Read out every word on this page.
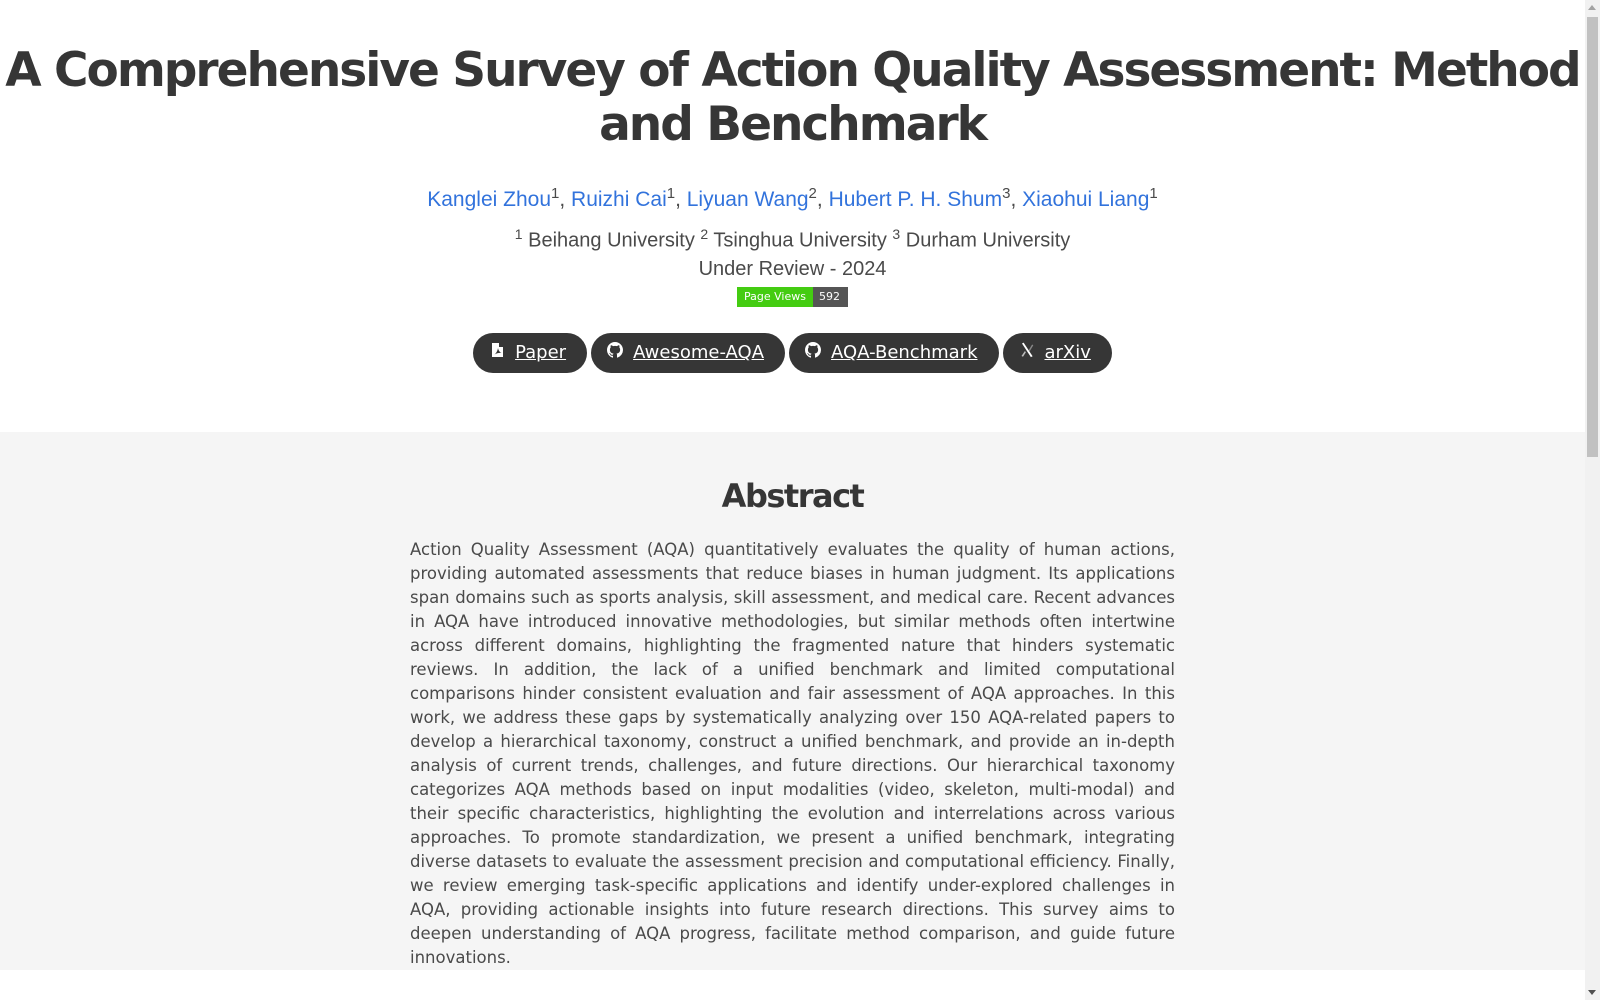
A Comprehensive Survey of Action Quality Assessment: Method and Benchmark
Kanglei Zhou$^1$, Ruizhi Cai$^1$, Liyuan Wang$^2$, Hubert P. H. Shum$^3$, Xiaohui Liang$^1$
$^1$ Beihang University $^2$ Tsinghua University $^3$ Durham University
Under Review - 2024
Page Views	592
Paper	Awesome-AQA	AQA-Benchmark	arXiv
Abstract

Action Quality Assessment (AQA) quantitatively evaluates the quality of human actions, providing automated assessments that reduce biases in human judgment. Its applications span domains such as sports analysis, skill assessment, and medical care. Recent advances in AQA have introduced innovative methodologies, but similar methods often intertwine across different domains, highlighting the fragmented nature that hinders systematic reviews. In addition, the lack of a unified benchmark and limited computational comparisons hinder consistent evaluation and fair assessment of AQA approaches. In this work, we address these gaps by systematically analyzing over 150 AQA-related papers to develop a hierarchical taxonomy, construct a unified benchmark, and provide an in-depth analysis of current trends, challenges, and future directions. Our hierarchical taxonomy categorizes AQA methods based on input modalities (video, skeleton, multi-modal) and their specific characteristics, highlighting the evolution and interrelations across various approaches. To promote standardization, we present a unified benchmark, integrating diverse datasets to evaluate the assessment precision and computational efficiency. Finally, we review emerging task-specific applications and identify under-explored challenges in AQA, providing actionable insights into future research directions. This survey aims to deepen understanding of AQA progress, facilitate method comparison, and guide future innovations.
